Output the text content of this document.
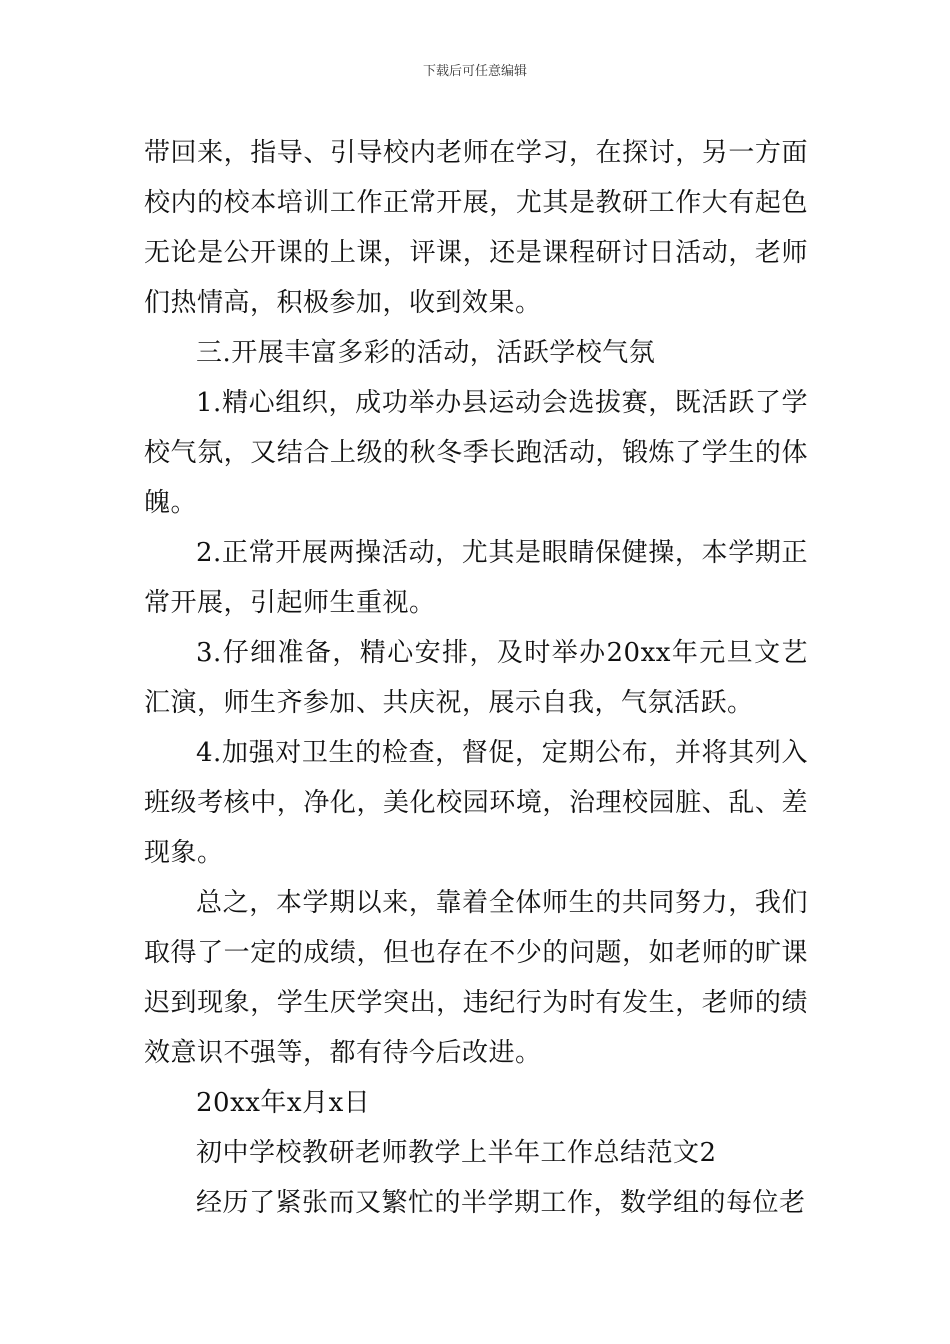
下载后可任意编辑

带回来，指导、引导校内老师在学习，在探讨，另一方面校内的校本培训工作正常开展，尤其是教研工作大有起色无论是公开课的上课，评课，还是课程研讨日活动，老师们热情高，积极参加，收到效果。

三.开展丰富多彩的活动，活跃学校气氛

1.精心组织，成功举办县运动会选拔赛，既活跃了学校气氛，又结合上级的秋冬季长跑活动，锻炼了学生的体魄。

2.正常开展两操活动，尤其是眼睛保健操，本学期正常开展，引起师生重视。

3.仔细准备，精心安排，及时举办20xx年元旦文艺汇演，师生齐参加、共庆祝，展示自我，气氛活跃。

4.加强对卫生的检查，督促，定期公布，并将其列入班级考核中，净化，美化校园环境，治理校园脏、乱、差现象。

总之，本学期以来，靠着全体师生的共同努力，我们取得了一定的成绩，但也存在不少的问题，如老师的旷课迟到现象，学生厌学突出，违纪行为时有发生，老师的绩效意识不强等，都有待今后改进。

20xx年x月x日

初中学校教研老师教学上半年工作总结范文2

经历了紧张而又繁忙的半学期工作，数学组的每位老
